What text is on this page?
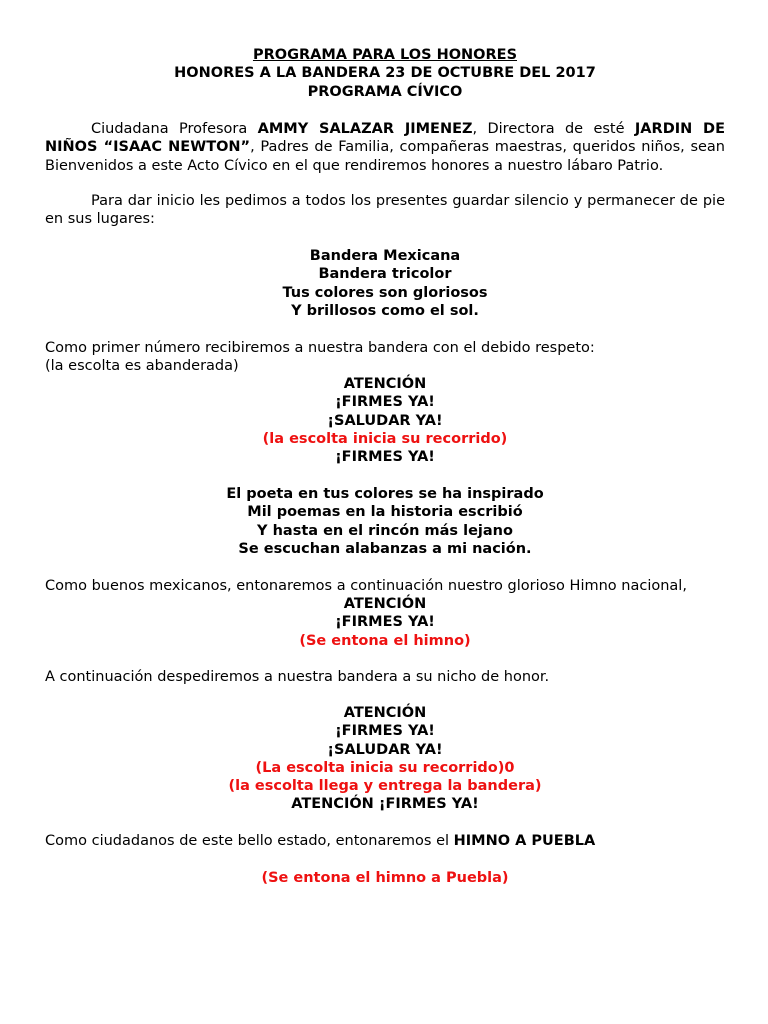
PROGRAMA PARA LOS HONORES
HONORES A LA BANDERA 23 DE OCTUBRE DEL 2017
PROGRAMA CÍVICO
Ciudadana Profesora AMMY SALAZAR JIMENEZ, Directora de esté JARDIN DE NIÑOS “ISAAC NEWTON”, Padres de Familia, compañeras maestras, queridos niños, sean Bienvenidos a este Acto Cívico en el que rendiremos honores a nuestro lábaro Patrio.
Para dar inicio les pedimos a todos los presentes guardar silencio y permanecer de pie en sus lugares:
Bandera Mexicana
Bandera tricolor
Tus colores son gloriosos
Y brillosos como el sol.
Como primer número recibiremos a nuestra bandera con el debido respeto:
(la escolta es abanderada)
ATENCIÓN
¡FIRMES YA!
¡SALUDAR YA!
(la escolta inicia su recorrido)
¡FIRMES YA!
El poeta en tus colores se ha inspirado
Mil poemas en la historia escribió
Y hasta en el rincón más lejano
Se escuchan alabanzas a mi nación.
Como buenos mexicanos, entonaremos a continuación nuestro glorioso Himno nacional,
ATENCIÓN
¡FIRMES YA!
(Se entona el himno)
A continuación despediremos a nuestra bandera a su nicho de honor.
ATENCIÓN
¡FIRMES YA!
¡SALUDAR YA!
(La escolta inicia su recorrido)0
(la escolta llega y entrega la bandera)
ATENCIÓN ¡FIRMES YA!
Como ciudadanos de este bello estado, entonaremos el HIMNO A PUEBLA
(Se entona el himno a Puebla)
